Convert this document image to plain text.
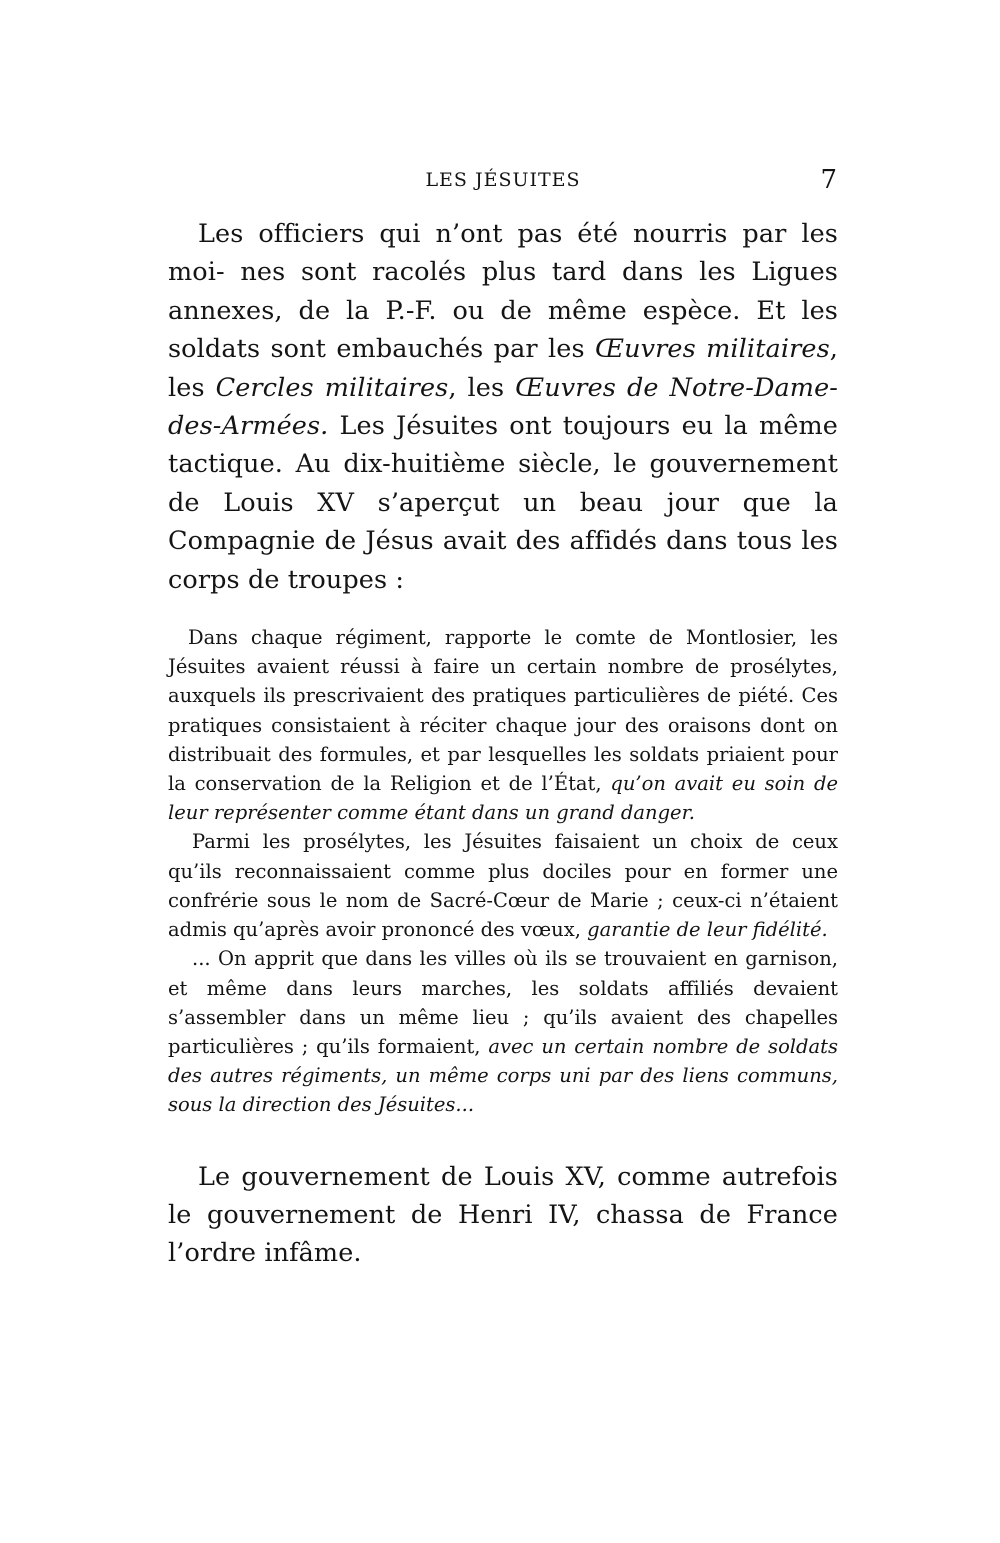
LES JÉSUITES	7
Les officiers qui n’ont pas été nourris par les moi- nes sont racolés plus tard dans les Ligues annexes, de la P.-F. ou de même espèce. Et les soldats sont embauchés par les Œuvres militaires, les Cercles militaires, les Œuvres de Notre-Dame-des-Armées. Les Jésuites ont toujours eu la même tactique. Au dix-huitième siècle, le gouvernement de Louis XV s’aperçut un beau jour que la Compagnie de Jésus avait des affidés dans tous les corps de troupes :

Dans chaque régiment, rapporte le comte de Montlosier, les Jésuites avaient réussi à faire un certain nombre de prosélytes, auxquels ils prescrivaient des pratiques particulières de piété. Ces pratiques consistaient à réciter chaque jour des oraisons dont on distribuait des formules, et par lesquelles les soldats priaient pour la conservation de la Religion et de l’État, qu’on avait eu soin de leur représenter comme étant dans un grand danger.

Parmi les prosélytes, les Jésuites faisaient un choix de ceux qu’ils reconnaissaient comme plus dociles pour en former une confrérie sous le nom de Sacré-Cœur de Marie ; ceux-ci n’étaient admis qu’après avoir prononcé des vœux, garantie de leur fidélité.

... On apprit que dans les villes où ils se trouvaient en garnison, et même dans leurs marches, les soldats affiliés devaient s’assembler dans un même lieu ; qu’ils avaient des chapelles particulières ; qu’ils formaient, avec un certain nombre de soldats des autres régiments, un même corps uni par des liens communs, sous la direction des Jésuites...

Le gouvernement de Louis XV, comme autrefois le gouvernement de Henri IV, chassa de France l’ordre infâme.
